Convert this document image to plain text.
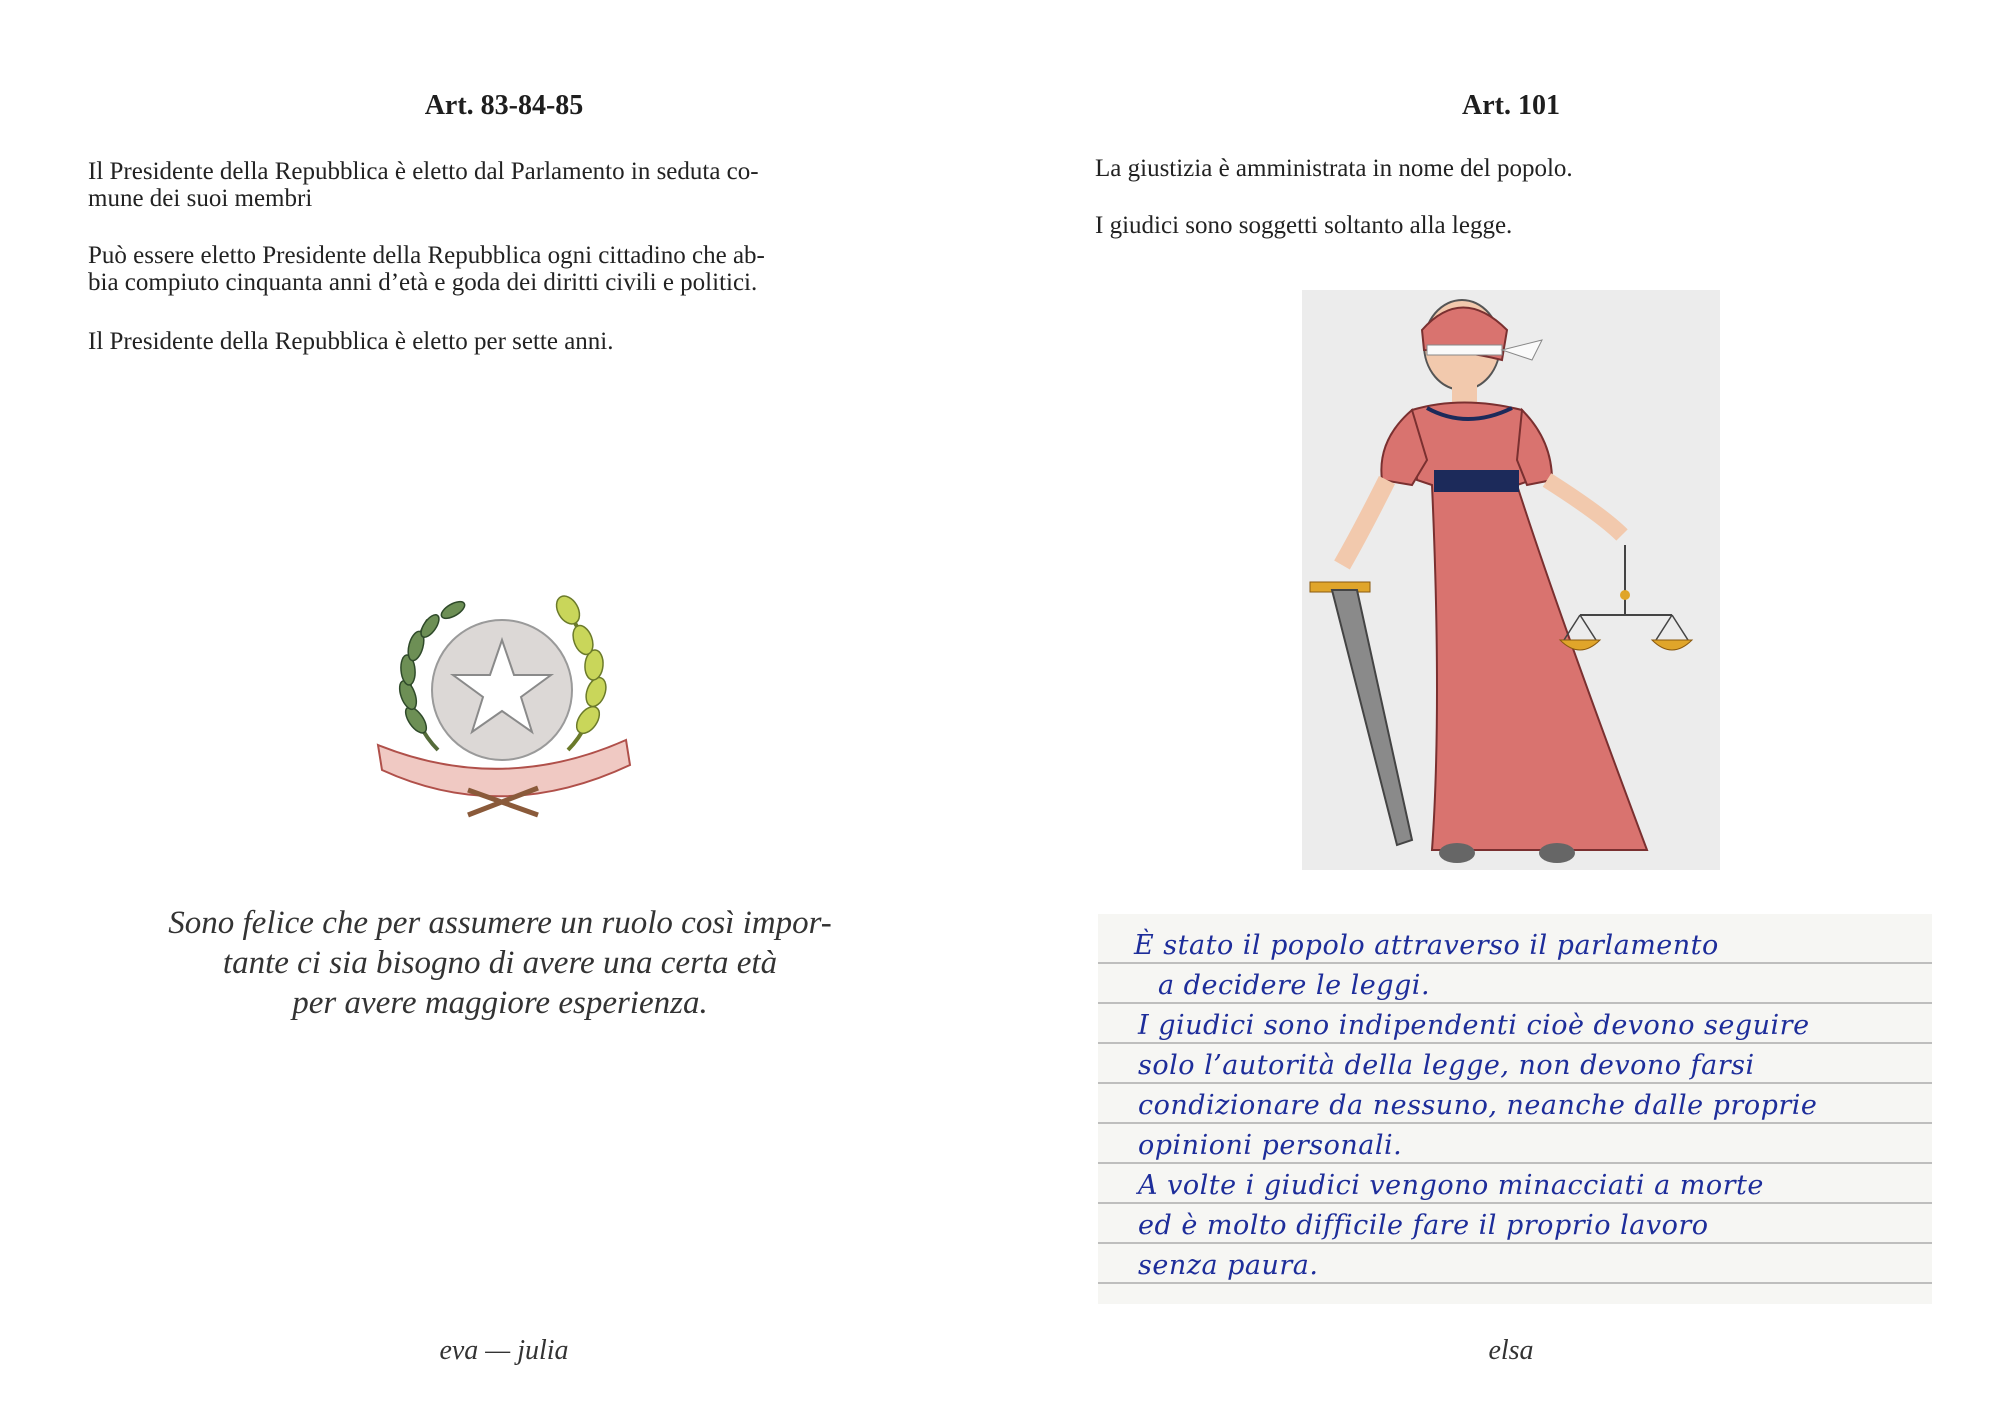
Art. 83-84-85

Il Presidente della Repubblica è eletto dal Parlamento in seduta co-
mune dei suoi membri

Può essere eletto Presidente della Repubblica ogni cittadino che ab-
bia compiuto cinquanta anni d’età e goda dei diritti civili e politici.

Il Presidente della Repubblica è eletto per sette anni.

Sono felice che per assumere un ruolo così impor-
tante ci sia bisogno di avere una certa età
per avere maggiore esperienza.

eva — julia

Art. 101

La giustizia è amministrata in nome del popolo.

I giudici sono soggetti soltanto alla legge.

È stato il popolo attraverso il parlamento

a decidere le leggi.

I giudici sono indipendenti cioè devono seguire

solo l’autorità della legge, non devono farsi

condizionare da nessuno, neanche dalle proprie

opinioni personali.

A volte i giudici vengono minacciati a morte

ed è molto difficile fare il proprio lavoro

senza paura.

elsa
